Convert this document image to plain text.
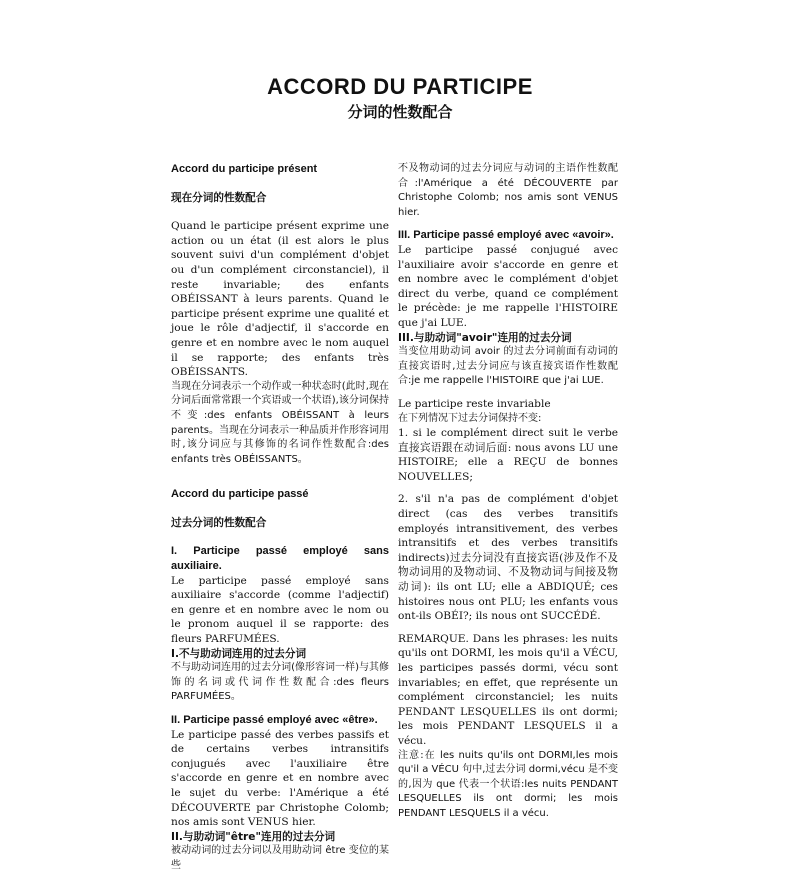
ACCORD DU PARTICIPE
分词的性数配合

Accord du participe présent

现在分词的性数配合

Quand le participe présent exprime une action ou un état (il est alors le plus souvent suivi d'un complément d'objet ou d'un complément circonstanciel), il reste invariable; des enfants OBÉISSANT à leurs parents. Quand le participe présent exprime une qualité et joue le rôle d'adjectif, il s'accorde en genre et en nombre avec le nom auquel il se rapporte; des enfants très OBÉISSANTS.

当现在分词表示一个动作或一种状态时(此时,现在分词后面常常跟一个宾语或一个状语),该分词保持不变:des enfants OBÉISSANT à leurs parents。当现在分词表示一种品质并作形容词用时,该分词应与其修饰的名词作性数配合:des enfants très OBÉISSANTS。

Accord du participe passé

过去分词的性数配合

I. Participe passé employé sans auxiliaire.

Le participe passé employé sans auxiliaire s'accorde (comme l'adjectif) en genre et en nombre avec le nom ou le pronom auquel il se rapporte: des fleurs PARFUMÉES.

I.不与助动词连用的过去分词

不与助动词连用的过去分词(像形容词一样)与其修饰的名词或代词作性数配合:des fleurs PARFUMÉES。

II. Participe passé employé avec «être».

Le participe passé des verbes passifs et de certains verbes intransitifs conjugués avec l'auxiliaire être s'accorde en genre et en nombre avec le sujet du verbe: l'Amérique a été DÉCOUVERTE par Christophe Colomb; nos amis sont VENUS hier.

II.与助动词"être"连用的过去分词

被动动词的过去分词以及用助动词 être 变位的某些

不及物动词的过去分词应与动词的主语作性数配合:l'Amérique a été DÉCOUVERTE par Christophe Colomb; nos amis sont VENUS hier.

III. Participe passé employé avec «avoir».

Le participe passé conjugué avec l'auxiliaire avoir s'accorde en genre et en nombre avec le complément d'objet direct du verbe, quand ce complément le précède: je me rappelle l'HISTOIRE que j'ai LUE.

III.与助动词"avoir"连用的过去分词

当变位用助动词 avoir 的过去分词前面有动词的直接宾语时,过去分词应与该直接宾语作性数配合:je me rappelle l'HISTOIRE que j'ai LUE.

Le participe reste invariable

在下列情况下过去分词保持不变:

1. si le complément direct suit le verbe 直接宾语跟在动词后面: nous avons LU une HISTOIRE; elle a REÇU de bonnes NOUVELLES;

2. s'il n'a pas de complément d'objet direct (cas des verbes transitifs employés intransitivement, des verbes intransitifs et des verbes transitifs indirects)过去分词没有直接宾语(涉及作不及物动词用的及物动词、不及物动词与间接及物动词): ils ont LU; elle a ABDIQUÉ; ces histoires nous ont PLU; les enfants vous ont-ils OBÉI?; ils nous ont SUCCÉDÉ.

REMARQUE. Dans les phrases: les nuits qu'ils ont DORMI, les mois qu'il a VÉCU, les participes passés dormi, vécu sont invariables; en effet, que représente un complément circonstanciel; les nuits PENDANT LESQUELLES ils ont dormi; les mois PENDANT LESQUELS il a vécu.

注意:在 les nuits qu'ils ont DORMI,les mois qu'il a VÉCU 句中,过去分词 dormi,vécu 是不变的,因为 que 代表一个状语:les nuits PENDANT LESQUELLES ils ont dormi; les mois PENDANT LESQUELS il a vécu.
